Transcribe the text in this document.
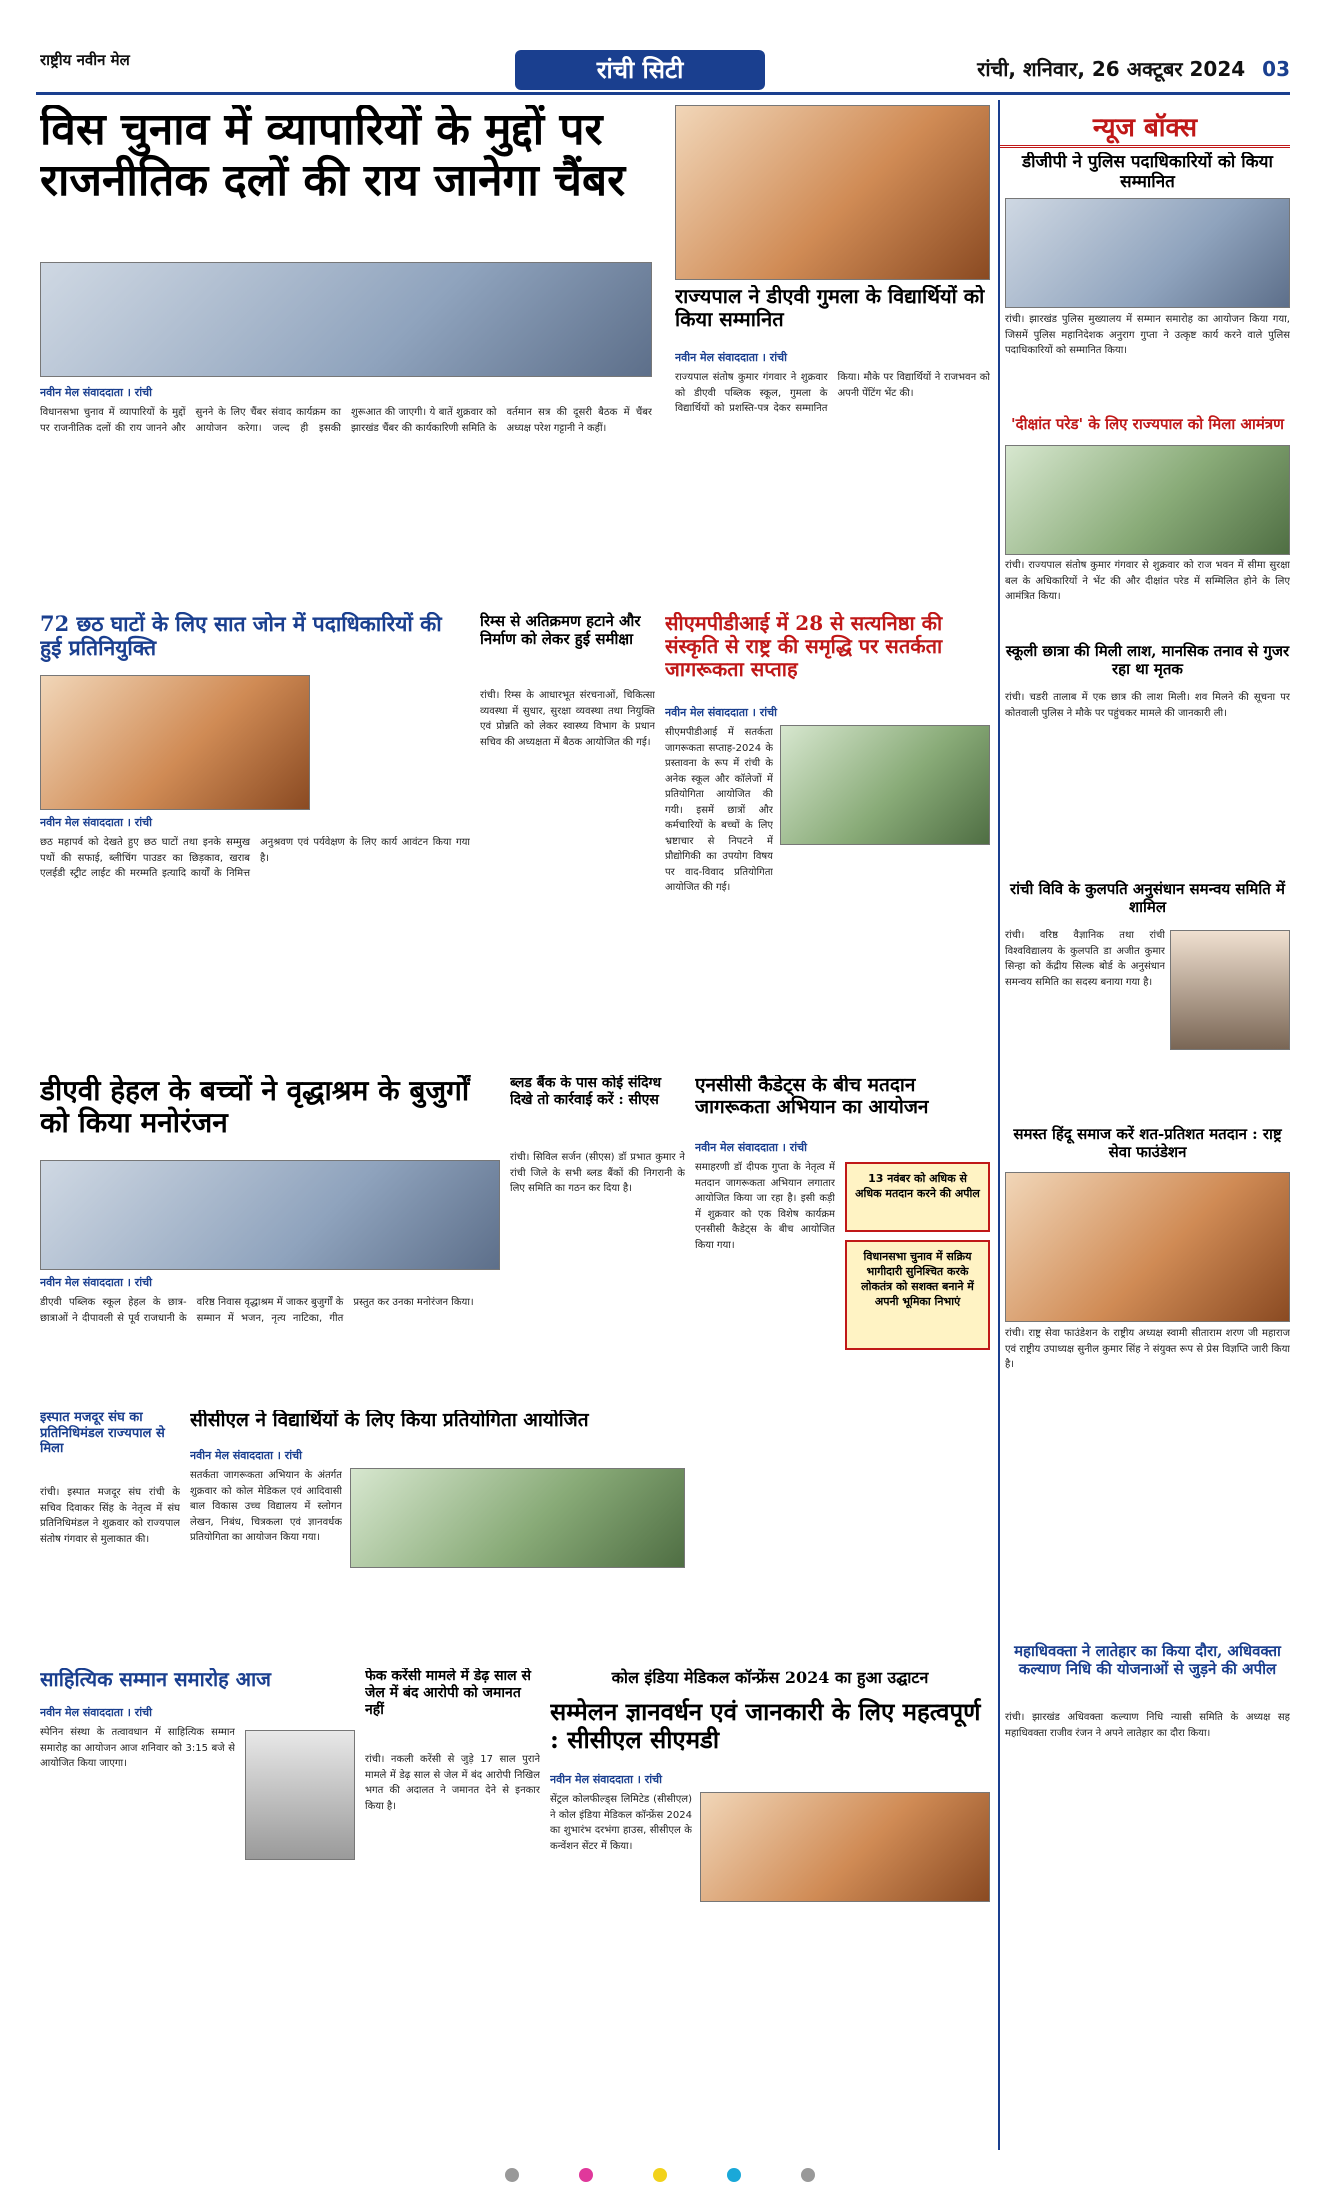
राष्ट्रीय नवीन मेल	रांची सिटी	रांची, शनिवार, 26 अक्टूबर 2024 03
विस चुनाव में व्यापारियों के मुद्दों पर राजनीतिक दलों की राय जानेगा चैंबर
नवीन मेल संवाददाता । रांची
विधानसभा चुनाव में व्यापारियों के मुद्दों पर राजनीतिक दलों की राय जानने और सुनने के लिए चैंबर संवाद कार्यक्रम का आयोजन करेगा। जल्द ही इसकी शुरूआत की जाएगी। ये बातें शुक्रवार को झारखंड चैंबर की कार्यकारिणी समिति के वर्तमान सत्र की दूसरी बैठक में चैंबर अध्यक्ष परेश गट्टानी ने कहीं।
राज्यपाल ने डीएवी गुमला के विद्यार्थियों को किया सम्मानित
नवीन मेल संवाददाता । रांची
राज्यपाल संतोष कुमार गंगवार ने शुक्रवार को डीएवी पब्लिक स्कूल, गुमला के विद्यार्थियों को प्रशस्ति-पत्र देकर सम्मानित किया। मौके पर विद्यार्थियों ने राजभवन को अपनी पेंटिंग भेंट की।
72 छठ घाटों के लिए सात जोन में पदाधिकारियों की हुई प्रतिनियुक्ति
नवीन मेल संवाददाता । रांची
छठ महापर्व को देखते हुए छठ घाटों तथा इनके सम्मुख पथों की सफाई, ब्लीचिंग पाउडर का छिड़काव, खराब एलईडी स्ट्रीट लाईट की मरम्मति इत्यादि कार्यों के निमित्त अनुश्रवण एवं पर्यवेक्षण के लिए कार्य आवंटन किया गया है।
रिम्स से अतिक्रमण हटाने और निर्माण को लेकर हुई समीक्षा
रांची। रिम्स के आधारभूत संरचनाओं, चिकित्सा व्यवस्था में सुधार, सुरक्षा व्यवस्था तथा नियुक्ति एवं प्रोन्नति को लेकर स्वास्थ्य विभाग के प्रधान सचिव की अध्यक्षता में बैठक आयोजित की गई।
सीएमपीडीआई में 28 से सत्यनिष्ठा की संस्कृति से राष्ट्र की समृद्धि पर सतर्कता जागरूकता सप्ताह
नवीन मेल संवाददाता । रांची
सीएमपीडीआई में सतर्कता जागरूकता सप्ताह-2024 के प्रस्तावना के रूप में रांची के अनेक स्कूल और कॉलेजों में प्रतियोगिता आयोजित की गयी। इसमें छात्रों और कर्मचारियों के बच्चों के लिए भ्रष्टाचार से निपटने में प्रौद्योगिकी का उपयोग विषय पर वाद-विवाद प्रतियोगिता आयोजित की गई।
डीएवी हेहल के बच्चों ने वृद्धाश्रम के बुजुर्गों को किया मनोरंजन
नवीन मेल संवाददाता । रांची
डीएवी पब्लिक स्कूल हेहल के छात्र-छात्राओं ने दीपावली से पूर्व राजधानी के वरिष्ठ निवास वृद्धाश्रम में जाकर बुजुर्गों के सम्मान में भजन, नृत्य नाटिका, गीत प्रस्तुत कर उनका मनोरंजन किया।
ब्लड बैंक के पास कोई संदिग्ध दिखे तो कार्रवाई करें : सीएस
रांची। सिविल सर्जन (सीएस) डॉ प्रभात कुमार ने रांची जिले के सभी ब्लड बैंकों की निगरानी के लिए समिति का गठन कर दिया है।
एनसीसी कैडेट्स के बीच मतदान जागरूकता अभियान का आयोजन
नवीन मेल संवाददाता । रांची
समाहरणी डॉ दीपक गुप्ता के नेतृत्व में मतदान जागरूकता अभियान लगातार आयोजित किया जा रहा है। इसी कड़ी में शुक्रवार को एक विशेष कार्यक्रम एनसीसी कैडेट्स के बीच आयोजित किया गया।
13 नवंबर को अधिक से अधिक मतदान करने की अपील
विधानसभा चुनाव में सक्रिय भागीदारी सुनिश्चित करके लोकतंत्र को सशक्त बनाने में अपनी भूमिका निभाएं
इस्पात मजदूर संघ का प्रतिनिधिमंडल राज्यपाल से मिला
रांची। इस्पात मजदूर संघ रांची के सचिव दिवाकर सिंह के नेतृत्व में संघ प्रतिनिधिमंडल ने शुक्रवार को राज्यपाल संतोष गंगवार से मुलाकात की।
सीसीएल ने विद्यार्थियों के लिए किया प्रतियोगिता आयोजित
नवीन मेल संवाददाता । रांची
सतर्कता जागरूकता अभियान के अंतर्गत शुक्रवार को कोल मेडिकल एवं आदिवासी बाल विकास उच्च विद्यालय में स्लोगन लेखन, निबंध, चित्रकला एवं ज्ञानवर्धक प्रतियोगिता का आयोजन किया गया।
साहित्यिक सम्मान समारोह आज
नवीन मेल संवाददाता । रांची
स्पेनिन संस्था के तत्वावधान में साहित्यिक सम्मान समारोह का आयोजन आज शनिवार को 3:15 बजे से आयोजित किया जाएगा।
फेक करेंसी मामले में डेढ़ साल से जेल में बंद आरोपी को जमानत नहीं
रांची। नकली करेंसी से जुड़े 17 साल पुराने मामले में डेढ़ साल से जेल में बंद आरोपी निखिल भगत की अदालत ने जमानत देने से इनकार किया है।
कोल इंडिया मेडिकल कॉन्फ्रेंस 2024 का हुआ उद्घाटन
सम्मेलन ज्ञानवर्धन एवं जानकारी के लिए महत्वपूर्ण : सीसीएल सीएमडी
नवीन मेल संवाददाता । रांची
सेंट्रल कोलफील्ड्स लिमिटेड (सीसीएल) ने कोल इंडिया मेडिकल कॉन्फ्रेंस 2024 का शुभारंभ दरभंगा हाउस, सीसीएल के कन्वेंशन सेंटर में किया।
न्यूज बॉक्स
डीजीपी ने पुलिस पदाधिकारियों को किया सम्मानित
रांची। झारखंड पुलिस मुख्यालय में सम्मान समारोह का आयोजन किया गया, जिसमें पुलिस महानिदेशक अनुराग गुप्ता ने उत्कृष्ट कार्य करने वाले पुलिस पदाधिकारियों को सम्मानित किया।
'दीक्षांत परेड' के लिए राज्यपाल को मिला आमंत्रण
रांची। राज्यपाल संतोष कुमार गंगवार से शुक्रवार को राज भवन में सीमा सुरक्षा बल के अधिकारियों ने भेंट की और दीक्षांत परेड में सम्मिलित होने के लिए आमंत्रित किया।
स्कूली छात्रा की मिली लाश, मानसिक तनाव से गुजर रहा था मृतक
रांची। चडरी तालाब में एक छात्र की लाश मिली। शव मिलने की सूचना पर कोतवाली पुलिस ने मौके पर पहुंचकर मामले की जानकारी ली।
रांची विवि के कुलपति अनुसंधान समन्वय समिति में शामिल
रांची। वरिष्ठ वैज्ञानिक तथा रांची विश्वविद्यालय के कुलपति डा अजीत कुमार सिन्हा को केंद्रीय सिल्क बोर्ड के अनुसंधान समन्वय समिति का सदस्य बनाया गया है।
समस्त हिंदू समाज करें शत-प्रतिशत मतदान : राष्ट्र सेवा फाउंडेशन
रांची। राष्ट्र सेवा फाउंडेशन के राष्ट्रीय अध्यक्ष स्वामी सीताराम शरण जी महाराज एवं राष्ट्रीय उपाध्यक्ष सुनील कुमार सिंह ने संयुक्त रूप से प्रेस विज्ञप्ति जारी किया है।
महाधिवक्ता ने लातेहार का किया दौरा, अधिवक्ता कल्याण निधि की योजनाओं से जुड़ने की अपील
रांची। झारखंड अधिवक्ता कल्याण निधि न्यासी समिति के अध्यक्ष सह महाधिवक्ता राजीव रंजन ने अपने लातेहार का दौरा किया।
